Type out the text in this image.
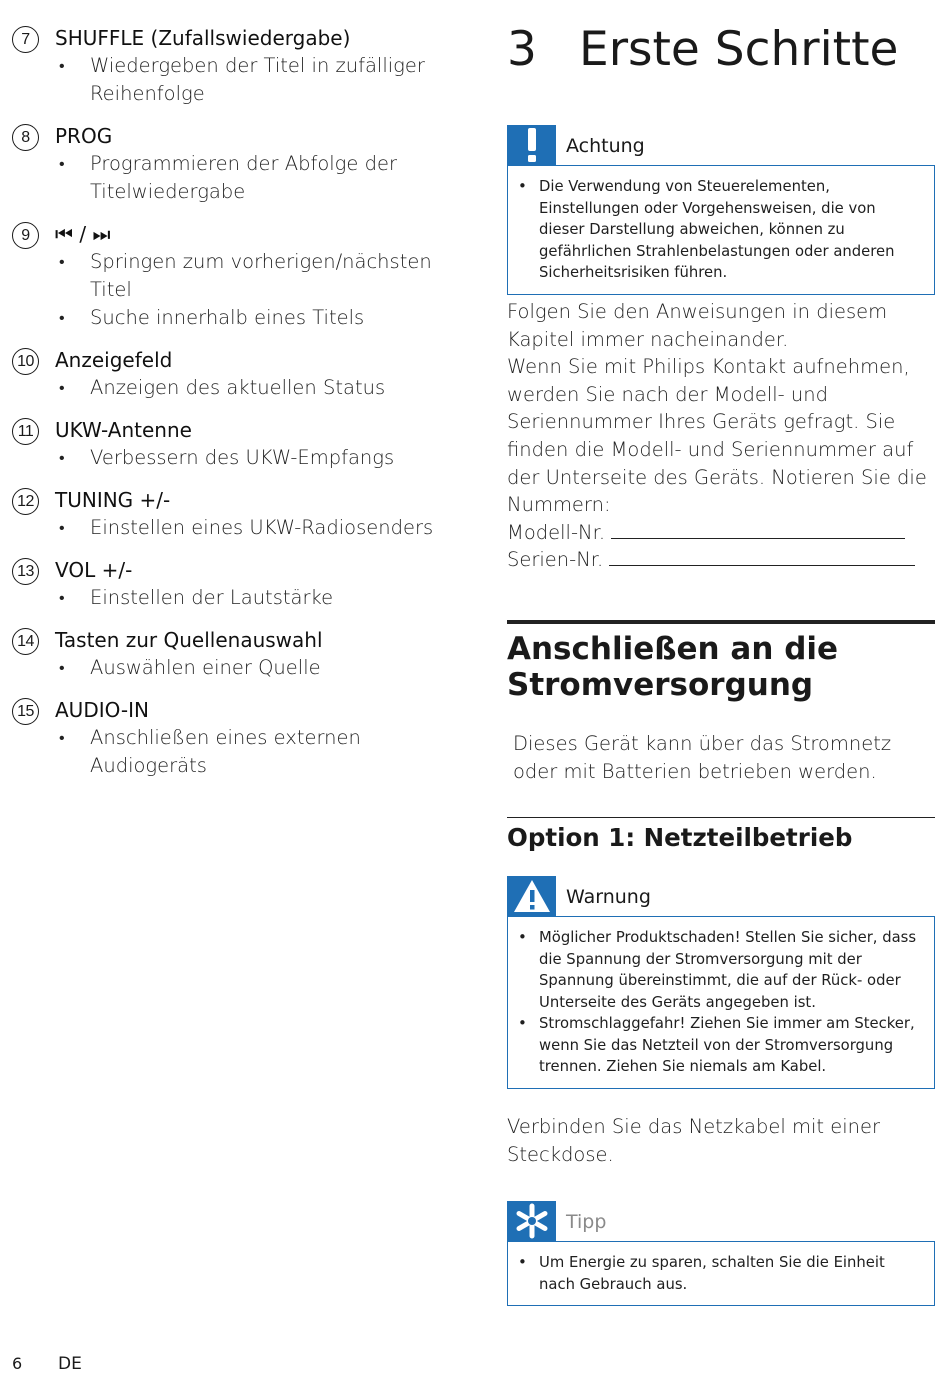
7	SHUFFLE (Zufallswiedergabe)
• Wiedergeben der Titel in zufälliger Reihenfolge
8	PROG
• Programmieren der Abfolge der Titelwiedergabe
9	⏮ / ⏭
• Springen zum vorherigen/nächsten Titel
• Suche innerhalb eines Titels
10 Anzeigefeld
• Anzeigen des aktuellen Status
11 UKW-Antenne
• Verbessern des UKW-Empfangs
12 TUNING +/-
• Einstellen eines UKW-Radiosenders
13 VOL +/-
• Einstellen der Lautstärke
14 Tasten zur Quellenauswahl
• Auswählen einer Quelle
15 AUDIO-IN
• Anschließen eines externen Audiogeräts
3 Erste Schritte
Achtung
• Die Verwendung von Steuerelementen, Einstellungen oder Vorgehensweisen, die von dieser Darstellung abweichen, können zu gefährlichen Strahlenbelastungen oder anderen Sicherheitsrisiken führen.

Folgen Sie den Anweisungen in diesem Kapitel immer nacheinander.
Wenn Sie mit Philips Kontakt aufnehmen, werden Sie nach der Modell- und Seriennummer Ihres Geräts gefragt. Sie finden die Modell- und Seriennummer auf der Unterseite des Geräts. Notieren Sie die Nummern:
Modell-Nr.
Serien-Nr.

Anschließen an die Stromversorgung

Dieses Gerät kann über das Stromnetz oder mit Batterien betrieben werden.

Option 1: Netzteilbetrieb
Warnung
• Möglicher Produktschaden! Stellen Sie sicher, dass die Spannung der Stromversorgung mit der Spannung übereinstimmt, die auf der Rück- oder Unterseite des Geräts angegeben ist.
• Stromschlaggefahr! Ziehen Sie immer am Stecker, wenn Sie das Netzteil von der Stromversorgung trennen. Ziehen Sie niemals am Kabel.

Verbinden Sie das Netzkabel mit einer Steckdose.

Tipp
• Um Energie zu sparen, schalten Sie die Einheit nach Gebrauch aus.
6 DE
